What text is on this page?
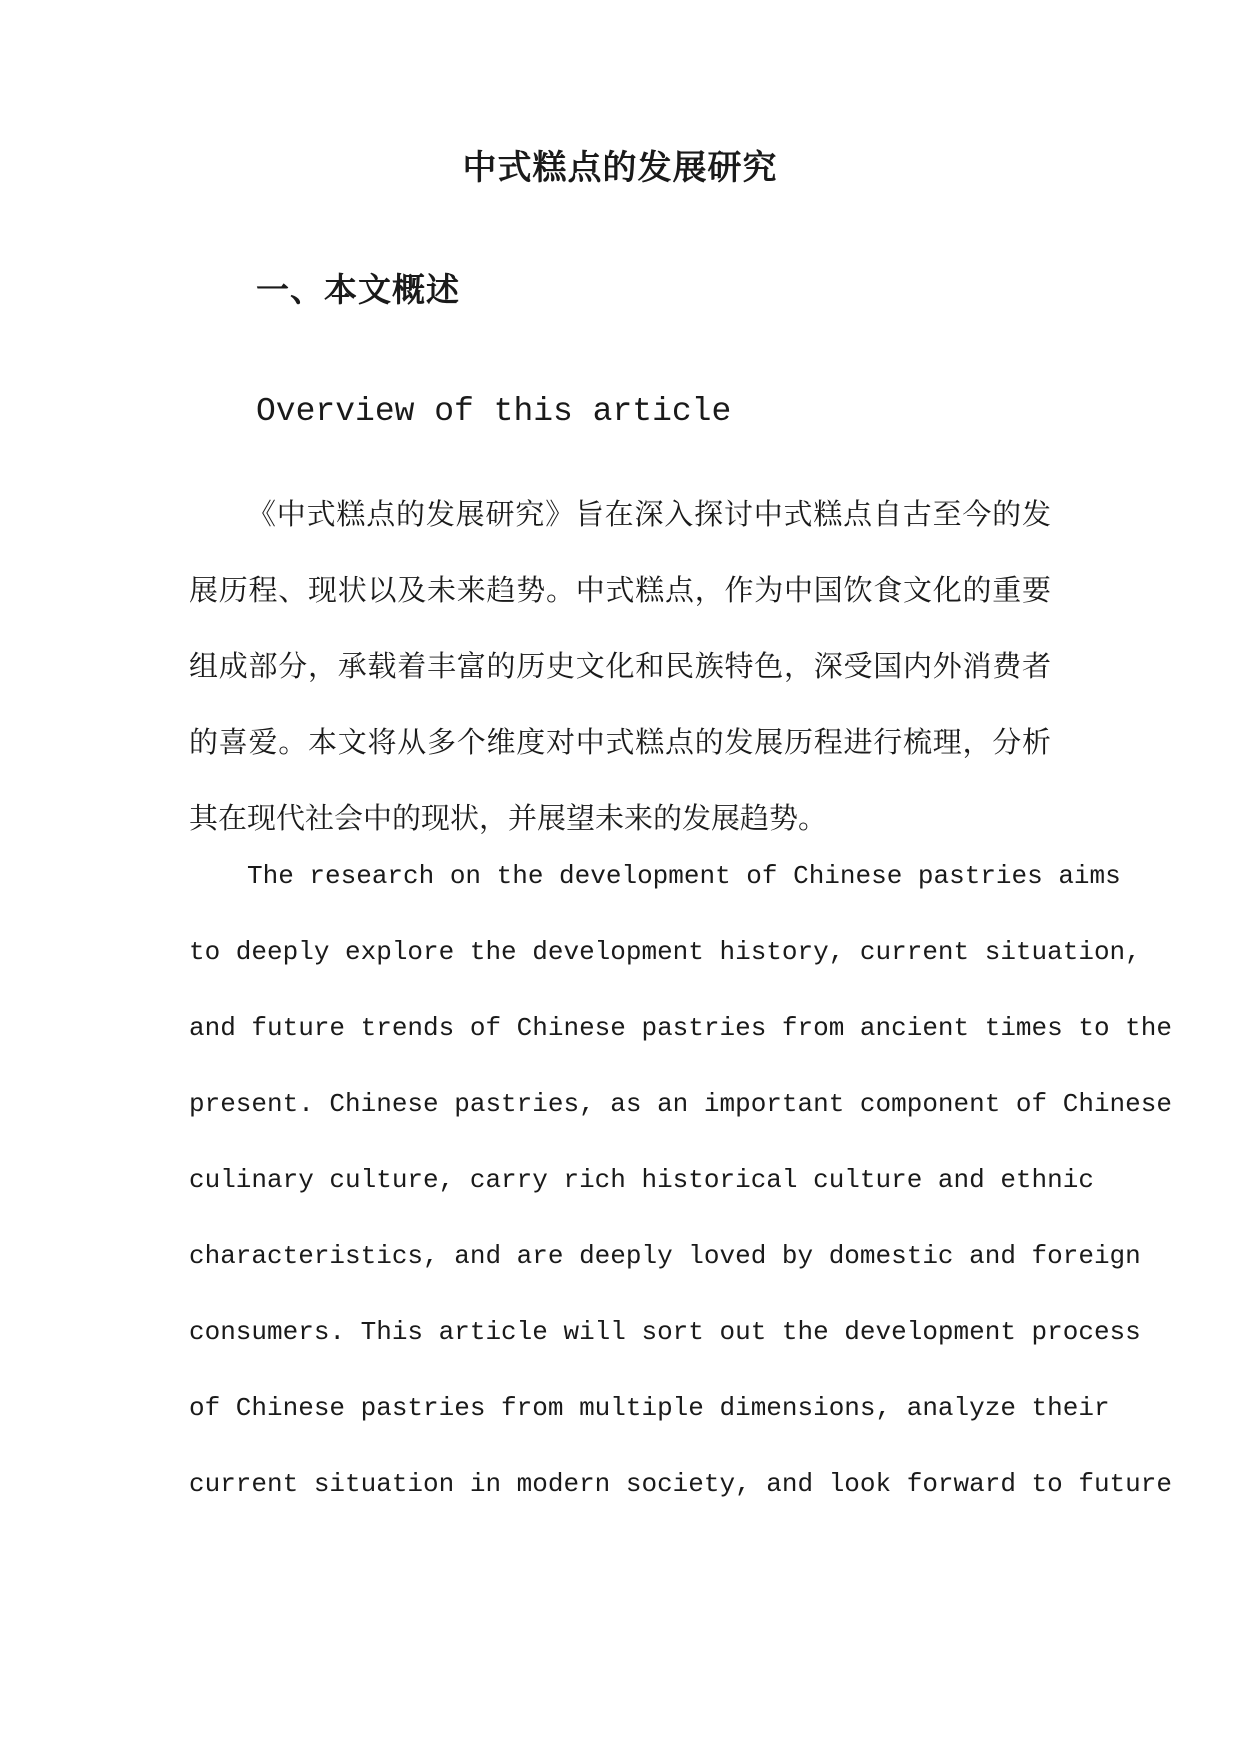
中式糕点的发展研究
一、本文概述
Overview of this article
《中式糕点的发展研究》旨在深入探讨中式糕点自古至今的发
展历程、现状以及未来趋势。中式糕点，作为中国饮食文化的重要
组成部分，承载着丰富的历史文化和民族特色，深受国内外消费者
的喜爱。本文将从多个维度对中式糕点的发展历程进行梳理，分析
其在现代社会中的现状，并展望未来的发展趋势。
The research on the development of Chinese pastries aims
to deeply explore the development history, current situation,
and future trends of Chinese pastries from ancient times to the
present. Chinese pastries, as an important component of Chinese
culinary culture, carry rich historical culture and ethnic
characteristics, and are deeply loved by domestic and foreign
consumers. This article will sort out the development process
of Chinese pastries from multiple dimensions, analyze their
current situation in modern society, and look forward to future
